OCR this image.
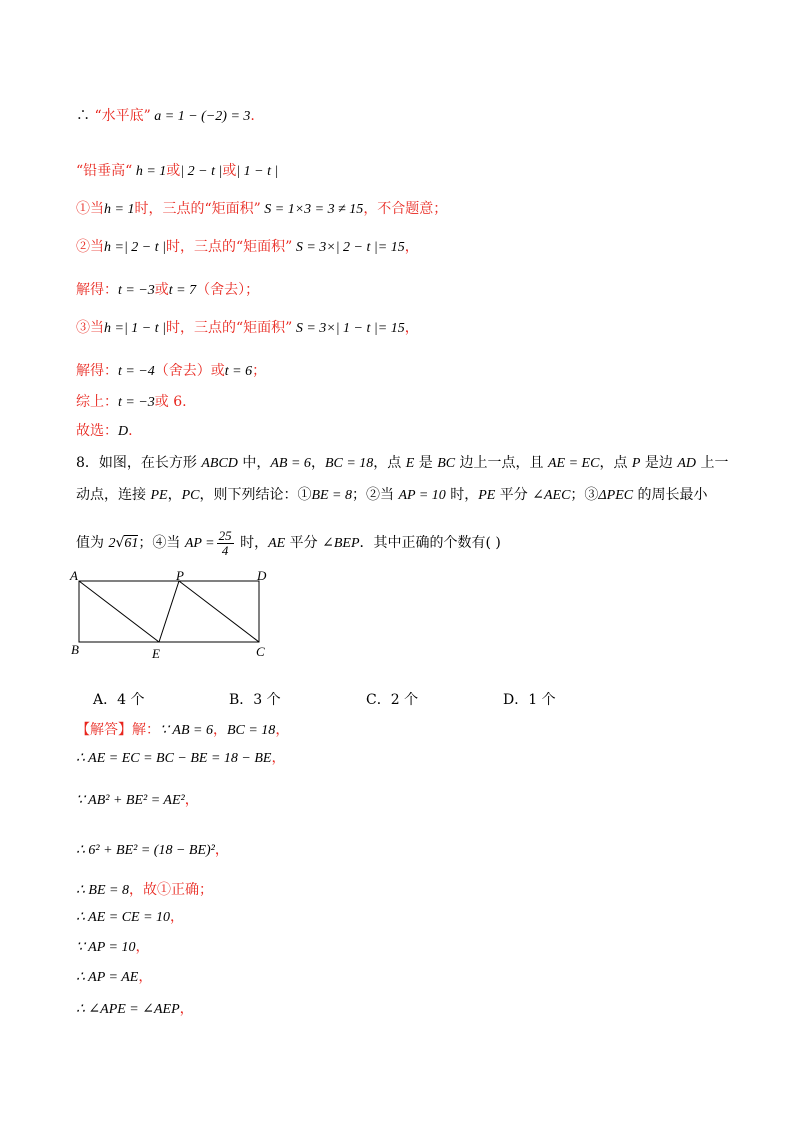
∴ “水平底” a = 1 − (−2) = 3.
“铅垂高“ h = 1或| 2 − t |或| 1 − t |
①当h = 1时，三点的“矩面积” S = 1×3 = 3 ≠ 15，不合题意；
②当h =| 2 − t |时，三点的“矩面积” S = 3×| 2 − t |= 15，
解得：t = −3或t = 7（舍去）；
③当h =| 1 − t |时，三点的“矩面积” S = 3×| 1 − t |= 15，
解得：t = −4（舍去）或t = 6；
综上：t = −3或 6.
故选：D.
8．如图，在长方形 ABCD 中，AB = 6，BC = 18，点 E 是 BC 边上一点，且 AE = EC，点 P 是边 AD 上一
动点，连接 PE，PC，则下列结论：①BE = 8；②当 AP = 10 时，PE 平分 ∠AEC；③ΔPEC 的周长最小
值为 2√61；④当 AP = $\frac{25}{4}$ 时，AE 平分 ∠BEP．其中正确的个数有( )
A	P	D
B	E	C
A．4 个	B．3 个	C．2 个	D．1 个
【解答】解：∵ AB = 6，BC = 18，
∴ AE = EC = BC − BE = 18 − BE，
∵ AB² + BE² = AE²，
∴ 6² + BE² = (18 − BE)²，
∴ BE = 8，故①正确；
∴ AE = CE = 10，
∵ AP = 10，
∴ AP = AE，
∴ ∠APE = ∠AEP，
